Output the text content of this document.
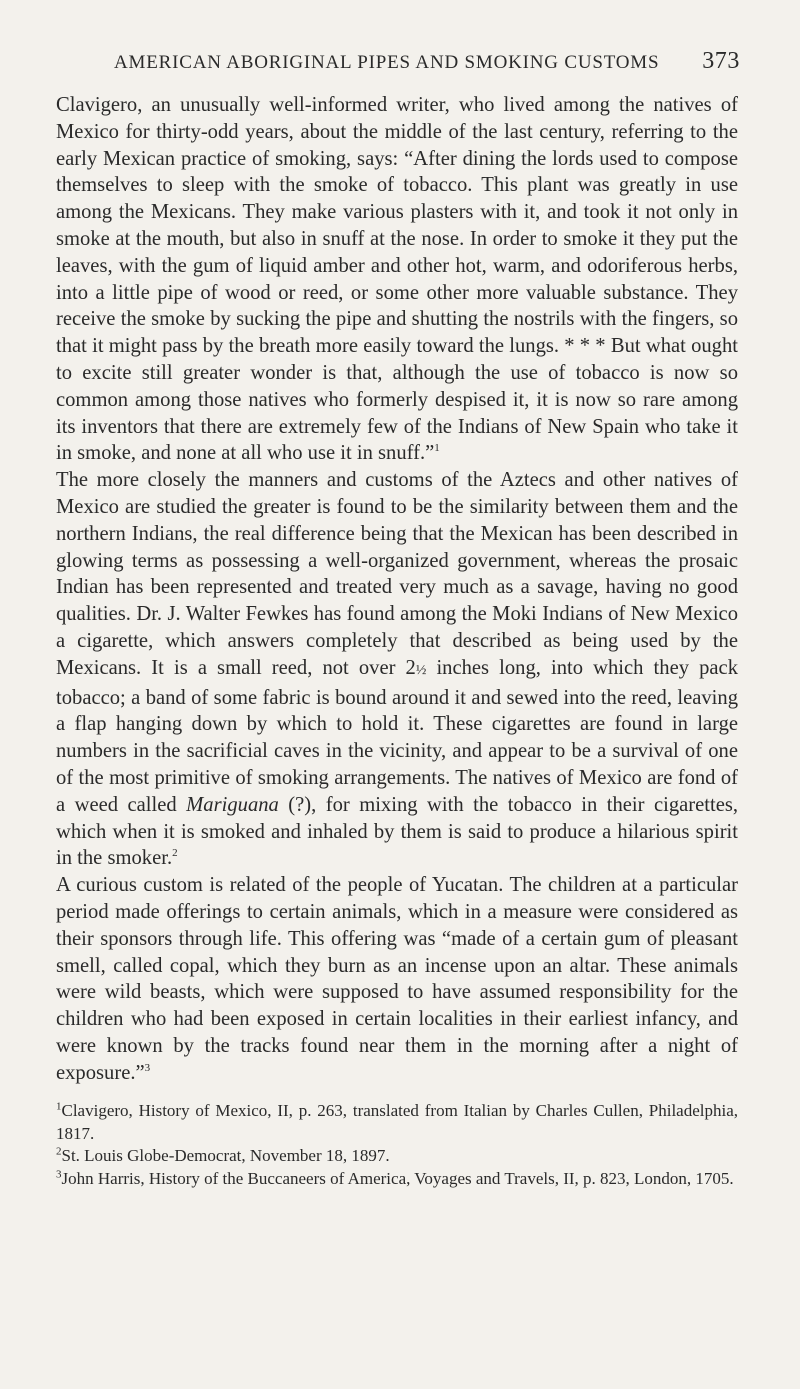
AMERICAN ABORIGINAL PIPES AND SMOKING CUSTOMS 373

Clavigero, an unusually well-informed writer, who lived among the natives of Mexico for thirty-odd years, about the middle of the last century, referring to the early Mexican practice of smoking, says: “After dining the lords used to compose themselves to sleep with the smoke of tobacco. This plant was greatly in use among the Mexicans. They make various plasters with it, and took it not only in smoke at the mouth, but also in snuff at the nose. In order to smoke it they put the leaves, with the gum of liquid amber and other hot, warm, and odoriferous herbs, into a little pipe of wood or reed, or some other more valuable substance. They receive the smoke by sucking the pipe and shutting the nostrils with the fingers, so that it might pass by the breath more easily toward the lungs. * * * But what ought to excite still greater wonder is that, although the use of tobacco is now so common among those natives who formerly despised it, it is now so rare among its inventors that there are extremely few of the Indians of New Spain who take it in smoke, and none at all who use it in snuff.”$^1$

The more closely the manners and customs of the Aztecs and other natives of Mexico are studied the greater is found to be the similarity between them and the northern Indians, the real difference being that the Mexican has been described in glowing terms as possessing a well-organized government, whereas the prosaic Indian has been represented and treated very much as a savage, having no good qualities. Dr. J. Walter Fewkes has found among the Moki Indians of New Mexico a cigarette, which answers completely that described as being used by the Mexicans. It is a small reed, not over 2½ inches long, into which they pack tobacco; a band of some fabric is bound around it and sewed into the reed, leaving a flap hanging down by which to hold it. These cigarettes are found in large numbers in the sacrificial caves in the vicinity, and appear to be a survival of one of the most primitive of smoking arrangements. The natives of Mexico are fond of a weed called Mariguana (?), for mixing with the tobacco in their cigarettes, which when it is smoked and inhaled by them is said to produce a hilarious spirit in the smoker.$^2$

A curious custom is related of the people of Yucatan. The children at a particular period made offerings to certain animals, which in a measure were considered as their sponsors through life. This offering was “made of a certain gum of pleasant smell, called copal, which they burn as an incense upon an altar. These animals were wild beasts, which were supposed to have assumed responsibility for the children who had been exposed in certain localities in their earliest infancy, and were known by the tracks found near them in the morning after a night of exposure.”$^3$

$^1$Clavigero, History of Mexico, II, p. 263, translated from Italian by Charles Cullen, Philadelphia, 1817.

$^2$St. Louis Globe-Democrat, November 18, 1897.

$^3$John Harris, History of the Buccaneers of America, Voyages and Travels, II, p. 823, London, 1705.
